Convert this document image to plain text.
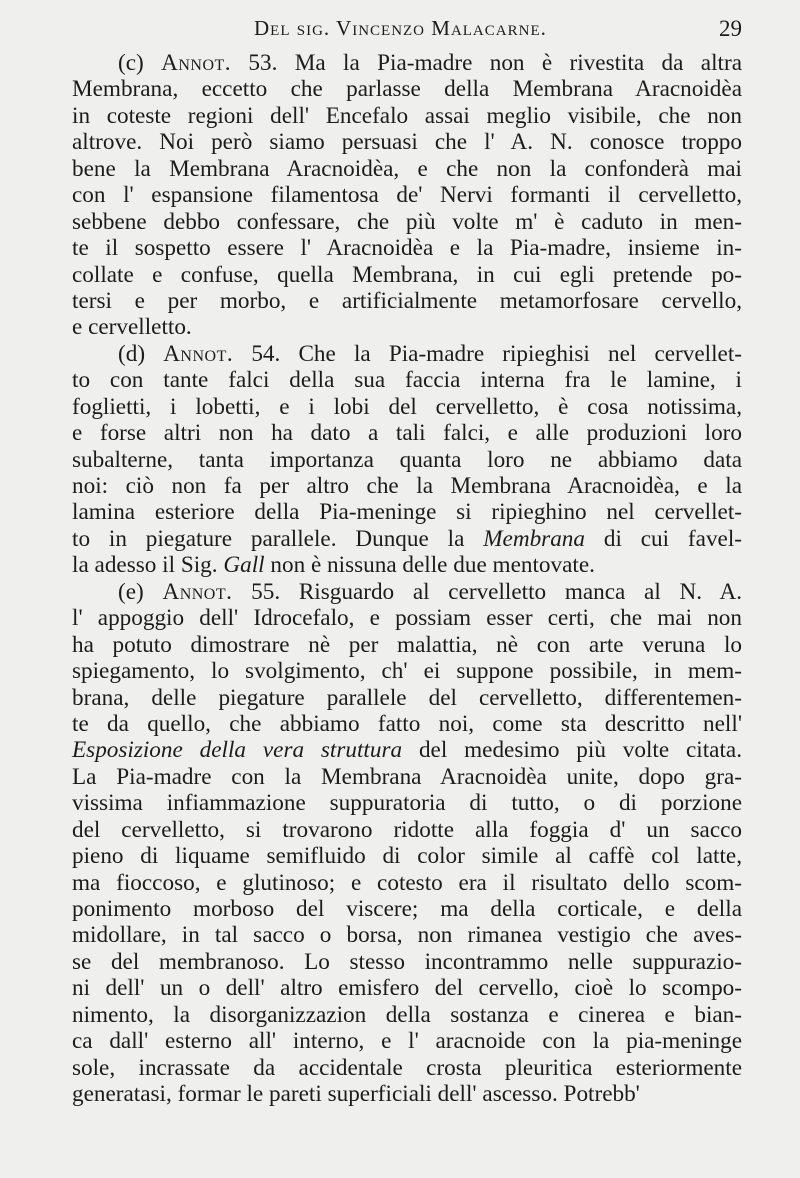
Del sig. Vincenzo Malacarne.	29
(c) Annot. 53. Ma la Pia-madre non è rivestita da altra
Membrana, eccetto che parlasse della Membrana Aracnoidèa
in coteste regioni dell' Encefalo assai meglio visibile, che non
altrove. Noi però siamo persuasi che l' A. N. conosce troppo
bene la Membrana Aracnoidèa, e che non la confonderà mai
con l' espansione filamentosa de' Nervi formanti il cervelletto,
sebbene debbo confessare, che più volte m' è caduto in men-
te il sospetto essere l' Aracnoidèa e la Pia-madre, insieme in-
collate e confuse, quella Membrana, in cui egli pretende po-
tersi e per morbo, e artificialmente metamorfosare cervello,
e cervelletto.
(d) Annot. 54. Che la Pia-madre ripieghisi nel cervellet-
to con tante falci della sua faccia interna fra le lamine, i
foglietti, i lobetti, e i lobi del cervelletto, è cosa notissima,
e forse altri non ha dato a tali falci, e alle produzioni loro
subalterne, tanta importanza quanta loro ne abbiamo data
noi: ciò non fa per altro che la Membrana Aracnoidèa, e la
lamina esteriore della Pia-meninge si ripieghino nel cervellet-
to in piegature parallele. Dunque la Membrana di cui favel-
la adesso il Sig. Gall non è nissuna delle due mentovate.
(e) Annot. 55. Risguardo al cervelletto manca al N. A.
l' appoggio dell' Idrocefalo, e possiam esser certi, che mai non
ha potuto dimostrare nè per malattia, nè con arte veruna lo
spiegamento, lo svolgimento, ch' ei suppone possibile, in mem-
brana, delle piegature parallele del cervelletto, differentemen-
te da quello, che abbiamo fatto noi, come sta descritto nell'
Esposizione della vera struttura del medesimo più volte citata.
La Pia-madre con la Membrana Aracnoidèa unite, dopo gra-
vissima infiammazione suppuratoria di tutto, o di porzione
del cervelletto, si trovarono ridotte alla foggia d' un sacco
pieno di liquame semifluido di color simile al caffè col latte,
ma fioccoso, e glutinoso; e cotesto era il risultato dello scom-
ponimento morboso del viscere; ma della corticale, e della
midollare, in tal sacco o borsa, non rimanea vestigio che aves-
se del membranoso. Lo stesso incontrammo nelle suppurazio-
ni dell' un o dell' altro emisfero del cervello, cioè lo scompo-
nimento, la disorganizzazion della sostanza e cinerea e bian-
ca dall' esterno all' interno, e l' aracnoide con la pia-meninge
sole, incrassate da accidentale crosta pleuritica esteriormente
generatasi, formar le pareti superficiali dell' ascesso. Potrebb'
